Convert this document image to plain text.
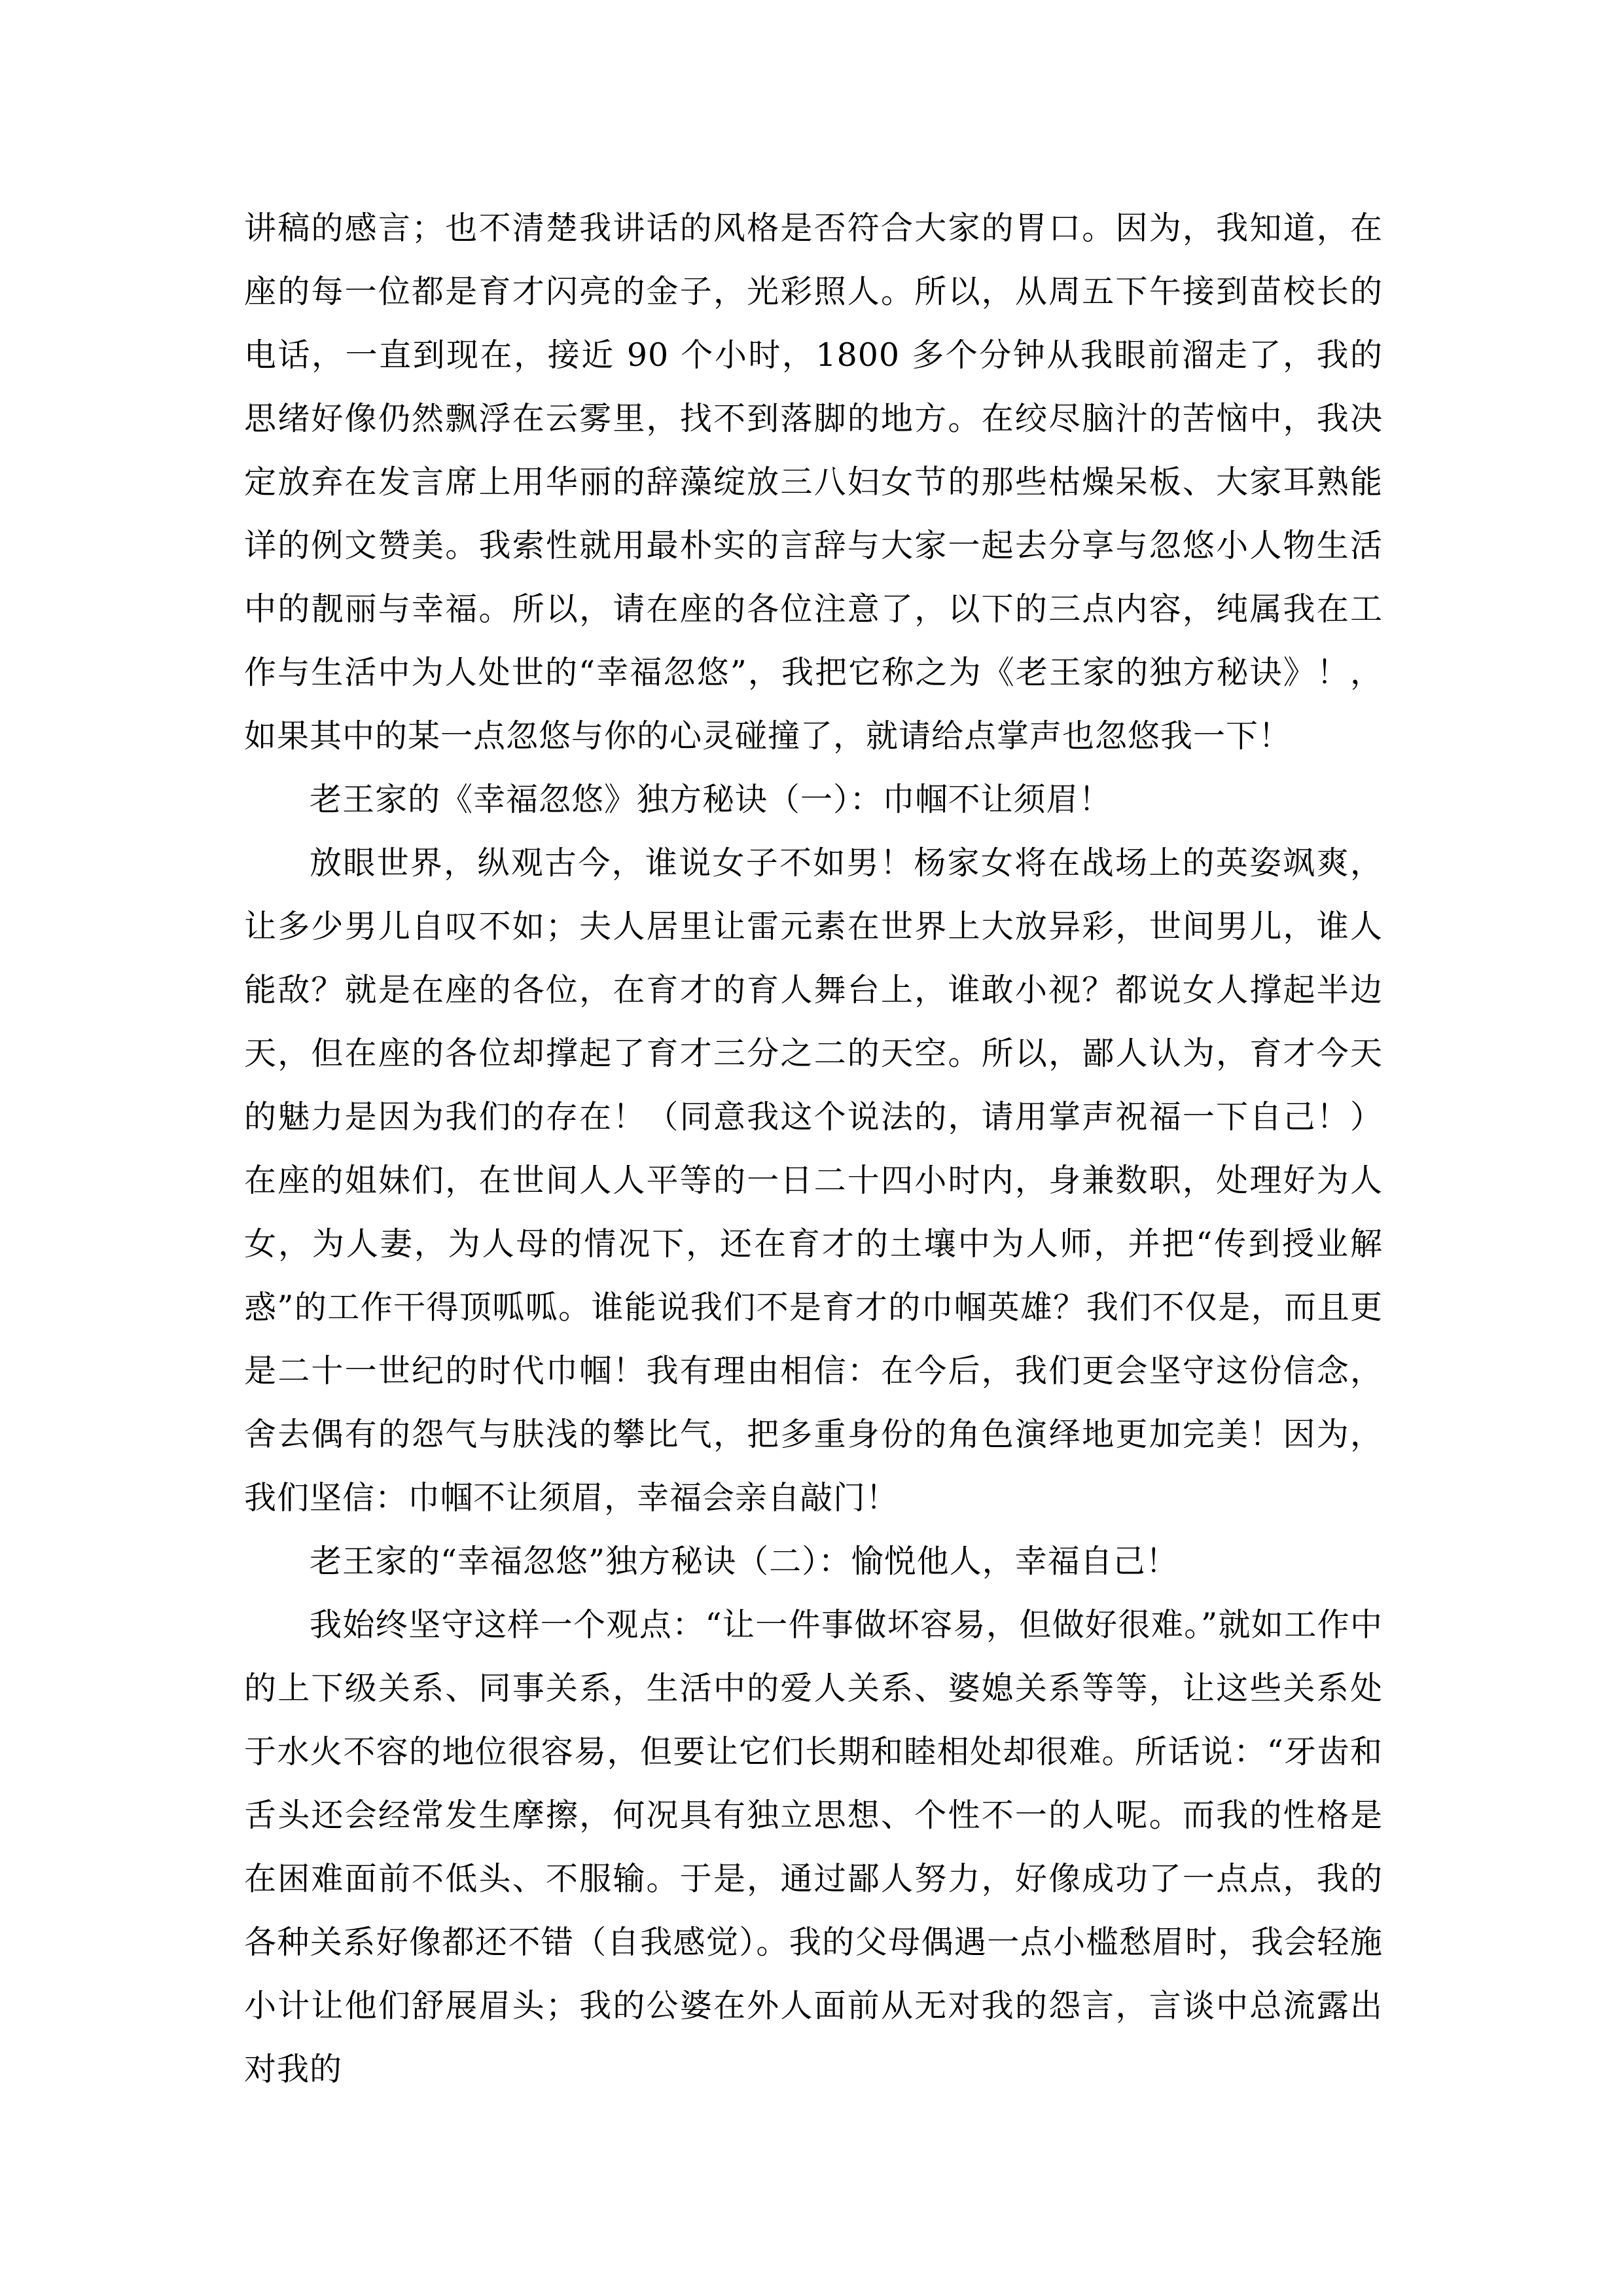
讲稿的感言；也不清楚我讲话的风格是否符合大家的胃口。因为，我知道，在座的每一位都是育才闪亮的金子，光彩照人。所以，从周五下午接到苗校长的电话，一直到现在，接近 90 个小时，1800 多个分钟从我眼前溜走了，我的思绪好像仍然飘浮在云雾里，找不到落脚的地方。在绞尽脑汁的苦恼中，我决定放弃在发言席上用华丽的辞藻绽放三八妇女节的那些枯燥呆板、大家耳熟能详的例文赞美。我索性就用最朴实的言辞与大家一起去分享与忽悠小人物生活中的靓丽与幸福。所以，请在座的各位注意了，以下的三点内容，纯属我在工作与生活中为人处世的“幸福忽悠”，我把它称之为《老王家的独方秘诀》！，如果其中的某一点忽悠与你的心灵碰撞了，就请给点掌声也忽悠我一下！

老王家的《幸福忽悠》独方秘诀（一）：巾帼不让须眉！

放眼世界，纵观古今，谁说女子不如男！杨家女将在战场上的英姿飒爽，让多少男儿自叹不如；夫人居里让雷元素在世界上大放异彩，世间男儿，谁人能敌？就是在座的各位，在育才的育人舞台上，谁敢小视？都说女人撑起半边天，但在座的各位却撑起了育才三分之二的天空。所以，鄙人认为，育才今天的魅力是因为我们的存在！（同意我这个说法的，请用掌声祝福一下自己！）在座的姐妹们，在世间人人平等的一日二十四小时内，身兼数职，处理好为人女，为人妻，为人母的情况下，还在育才的土壤中为人师，并把“传到授业解惑”的工作干得顶呱呱。谁能说我们不是育才的巾帼英雄？我们不仅是，而且更是二十一世纪的时代巾帼！我有理由相信：在今后，我们更会坚守这份信念，舍去偶有的怨气与肤浅的攀比气，把多重身份的角色演绎地更加完美！因为，我们坚信：巾帼不让须眉，幸福会亲自敲门！

老王家的“幸福忽悠”独方秘诀（二）：愉悦他人，幸福自己！

我始终坚守这样一个观点：“让一件事做坏容易，但做好很难。”就如工作中的上下级关系、同事关系，生活中的爱人关系、婆媳关系等等，让这些关系处于水火不容的地位很容易，但要让它们长期和睦相处却很难。所话说：“牙齿和舌头还会经常发生摩擦，何况具有独立思想、个性不一的人呢。而我的性格是在困难面前不低头、不服输。于是，通过鄙人努力，好像成功了一点点，我的各种关系好像都还不错（自我感觉）。我的父母偶遇一点小槛愁眉时，我会轻施小计让他们舒展眉头；我的公婆在外人面前从无对我的怨言，言谈中总流露出对我的
